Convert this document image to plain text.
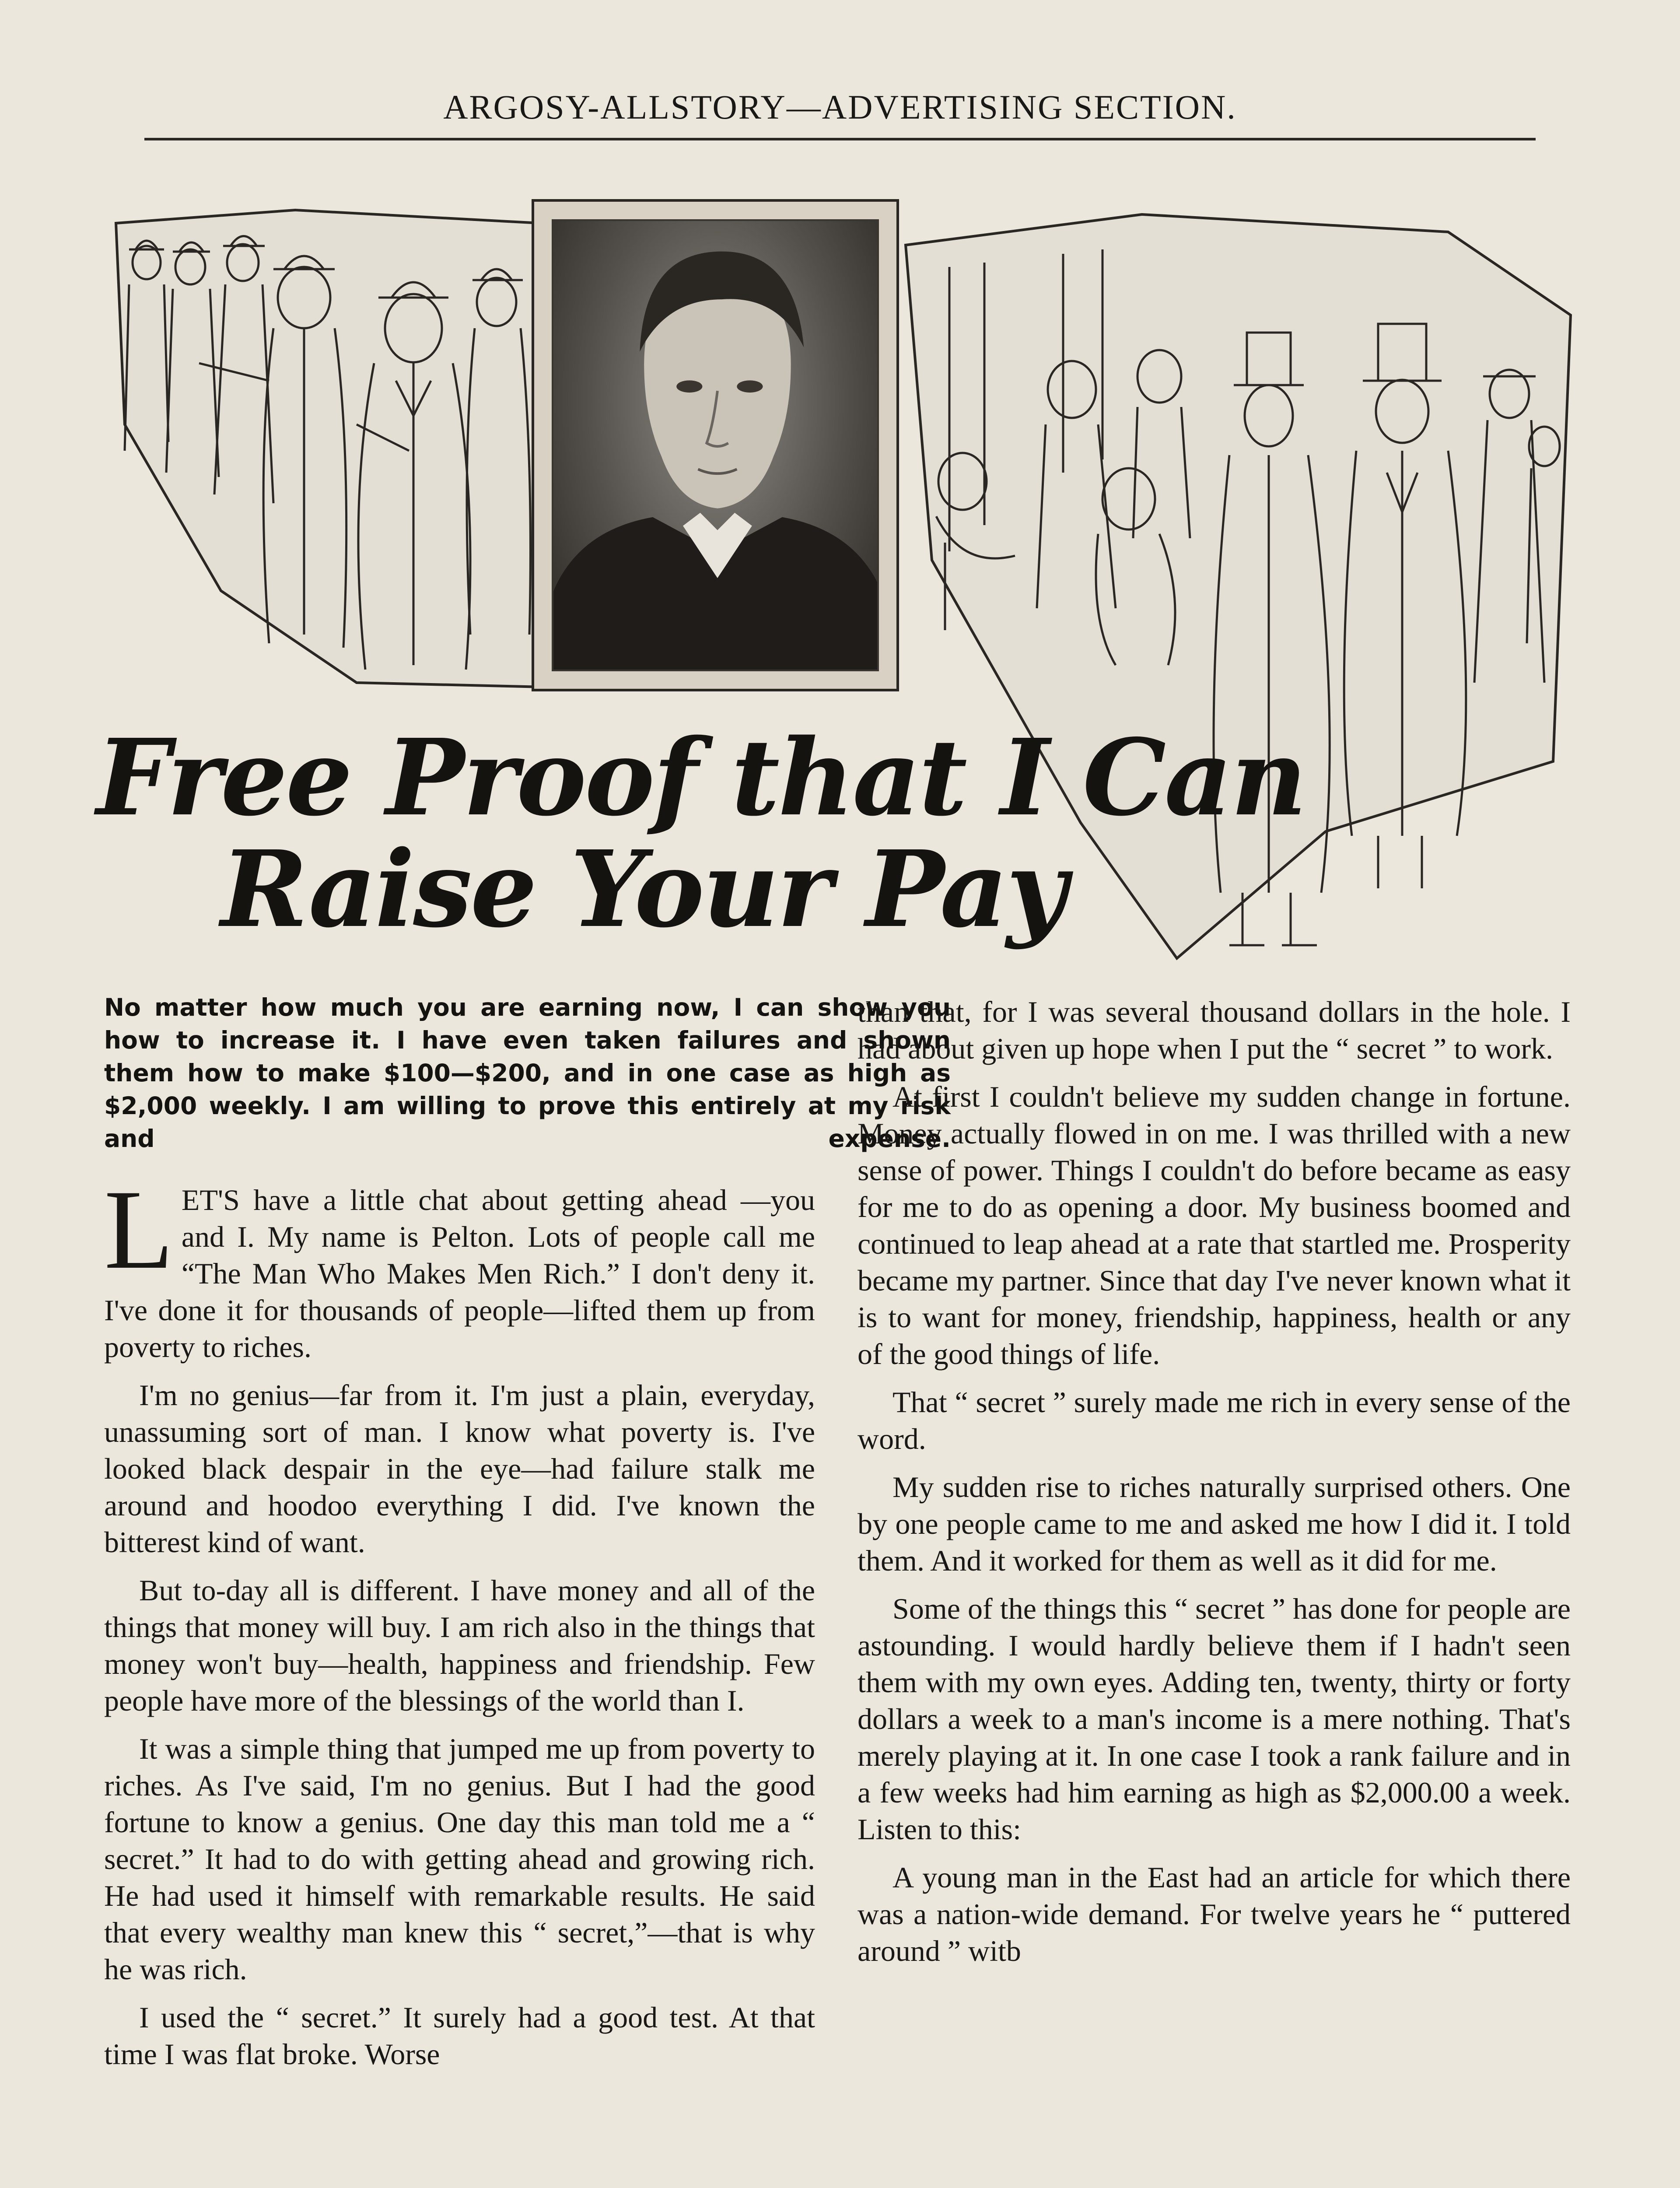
ARGOSY-ALLSTORY—ADVERTISING SECTION.
Free Proof that I Can
Raise Your Pay
No matter how much you are earning now, I can show you how to increase it. I have even taken failures and shown them how to make $100—$200, and in one case as high as $2,000 weekly. I am willing to prove this entirely at my risk and expense.

LET'S have a little chat about getting ahead —you and I. My name is Pelton. Lots of people call me “The Man Who Makes Men Rich.” I don't deny it. I've done it for thousands of people—lifted them up from poverty to riches.

I'm no genius—far from it. I'm just a plain, everyday, unassuming sort of man. I know what poverty is. I've looked black despair in the eye—had failure stalk me around and hoodoo everything I did. I've known the bitterest kind of want.

But to-day all is different. I have money and all of the things that money will buy. I am rich also in the things that money won't buy—health, happiness and friendship. Few people have more of the blessings of the world than I.

It was a simple thing that jumped me up from poverty to riches. As I've said, I'm no genius. But I had the good fortune to know a genius. One day this man told me a “ secret.” It had to do with getting ahead and growing rich. He had used it himself with remarkable results. He said that every wealthy man knew this “ secret,”—that is why he was rich.

I used the “ secret.” It surely had a good test. At that time I was flat broke. Worse

than that, for I was several thousand dollars in the hole. I had about given up hope when I put the “ secret ” to work.

At first I couldn't believe my sudden change in fortune. Money actually flowed in on me. I was thrilled with a new sense of power. Things I couldn't do before became as easy for me to do as opening a door. My business boomed and continued to leap ahead at a rate that startled me. Prosperity became my partner. Since that day I've never known what it is to want for money, friendship, happiness, health or any of the good things of life.

That “ secret ” surely made me rich in every sense of the word.

My sudden rise to riches naturally surprised others. One by one people came to me and asked me how I did it. I told them. And it worked for them as well as it did for me.

Some of the things this “ secret ” has done for people are astounding. I would hardly believe them if I hadn't seen them with my own eyes. Adding ten, twenty, thirty or forty dollars a week to a man's income is a mere nothing. That's merely playing at it. In one case I took a rank failure and in a few weeks had him earning as high as $2,000.00 a week. Listen to this:

A young man in the East had an article for which there was a nation-wide demand. For twelve years he “ puttered around ” witb
